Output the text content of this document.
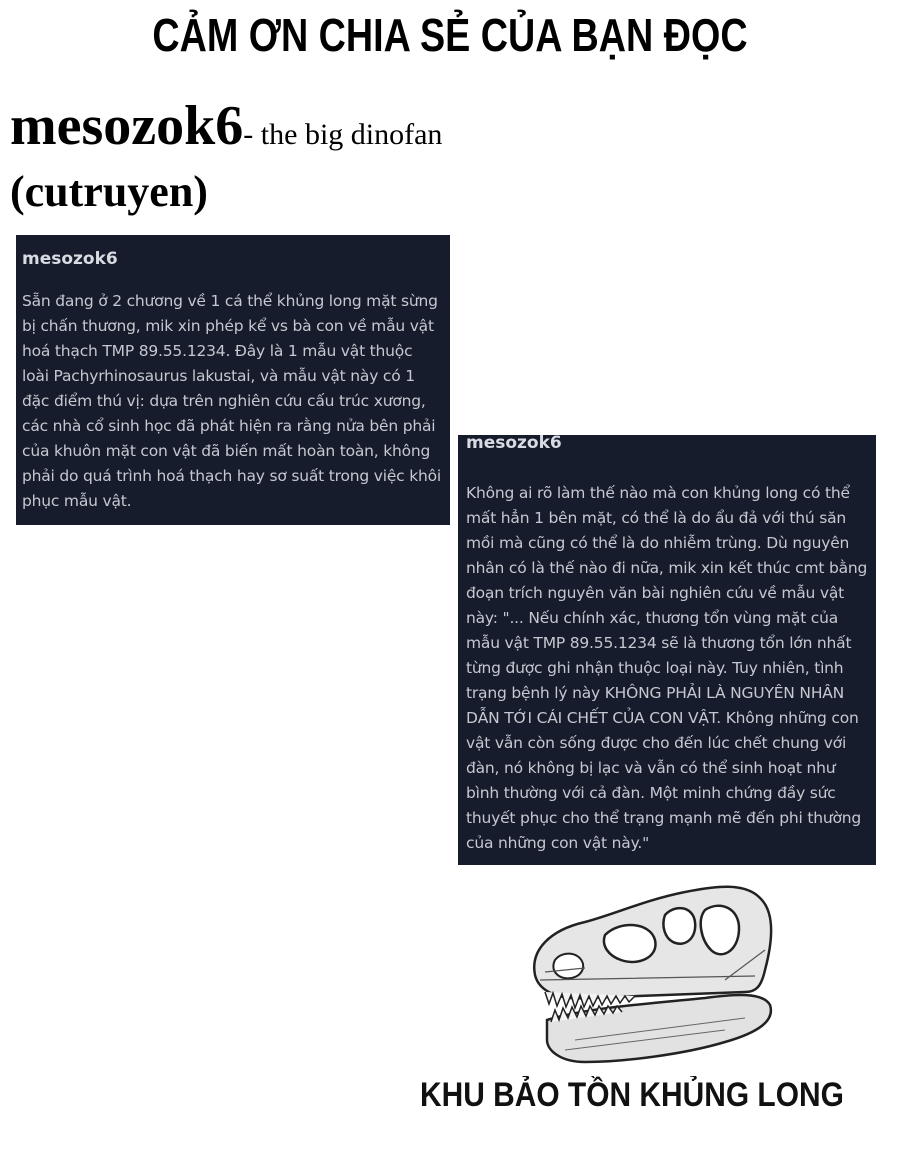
CẢM ƠN CHIA SẺ CỦA BẠN ĐỌC
mesozok6- the big dinofan
(cutruyen)
mesozok6
Sẵn đang ở 2 chương về 1 cá thể khủng long mặt sừng bị chấn thương, mik xin phép kể vs bà con về mẫu vật hoá thạch TMP 89.55.1234. Đây là 1 mẫu vật thuộc loài Pachyrhinosaurus lakustai, và mẫu vật này có 1 đặc điểm thú vị: dựa trên nghiên cứu cấu trúc xương, các nhà cổ sinh học đã phát hiện ra rằng nửa bên phải của khuôn mặt con vật đã biến mất hoàn toàn, không phải do quá trình hoá thạch hay sơ suất trong việc khôi phục mẫu vật.
mesozok6
Không ai rõ làm thế nào mà con khủng long có thể mất hẳn 1 bên mặt, có thể là do ẩu đả với thú săn mồi mà cũng có thể là do nhiễm trùng. Dù nguyên nhân có là thế nào đi nữa, mik xin kết thúc cmt bằng đoạn trích nguyên văn bài nghiên cứu về mẫu vật này: "... Nếu chính xác, thương tổn vùng mặt của mẫu vật TMP 89.55.1234 sẽ là thương tổn lớn nhất từng được ghi nhận thuộc loại này. Tuy nhiên, tình trạng bệnh lý này KHÔNG PHẢI LÀ NGUYÊN NHÂN DẪN TỚI CÁI CHẾT CỦA CON VẬT. Không những con vật vẫn còn sống được cho đến lúc chết chung với đàn, nó không bị lạc và vẫn có thể sinh hoạt như bình thường với cả đàn. Một minh chứng đầy sức thuyết phục cho thể trạng mạnh mẽ đến phi thường của những con vật này."
KHU BẢO TỒN KHỦNG LONG
